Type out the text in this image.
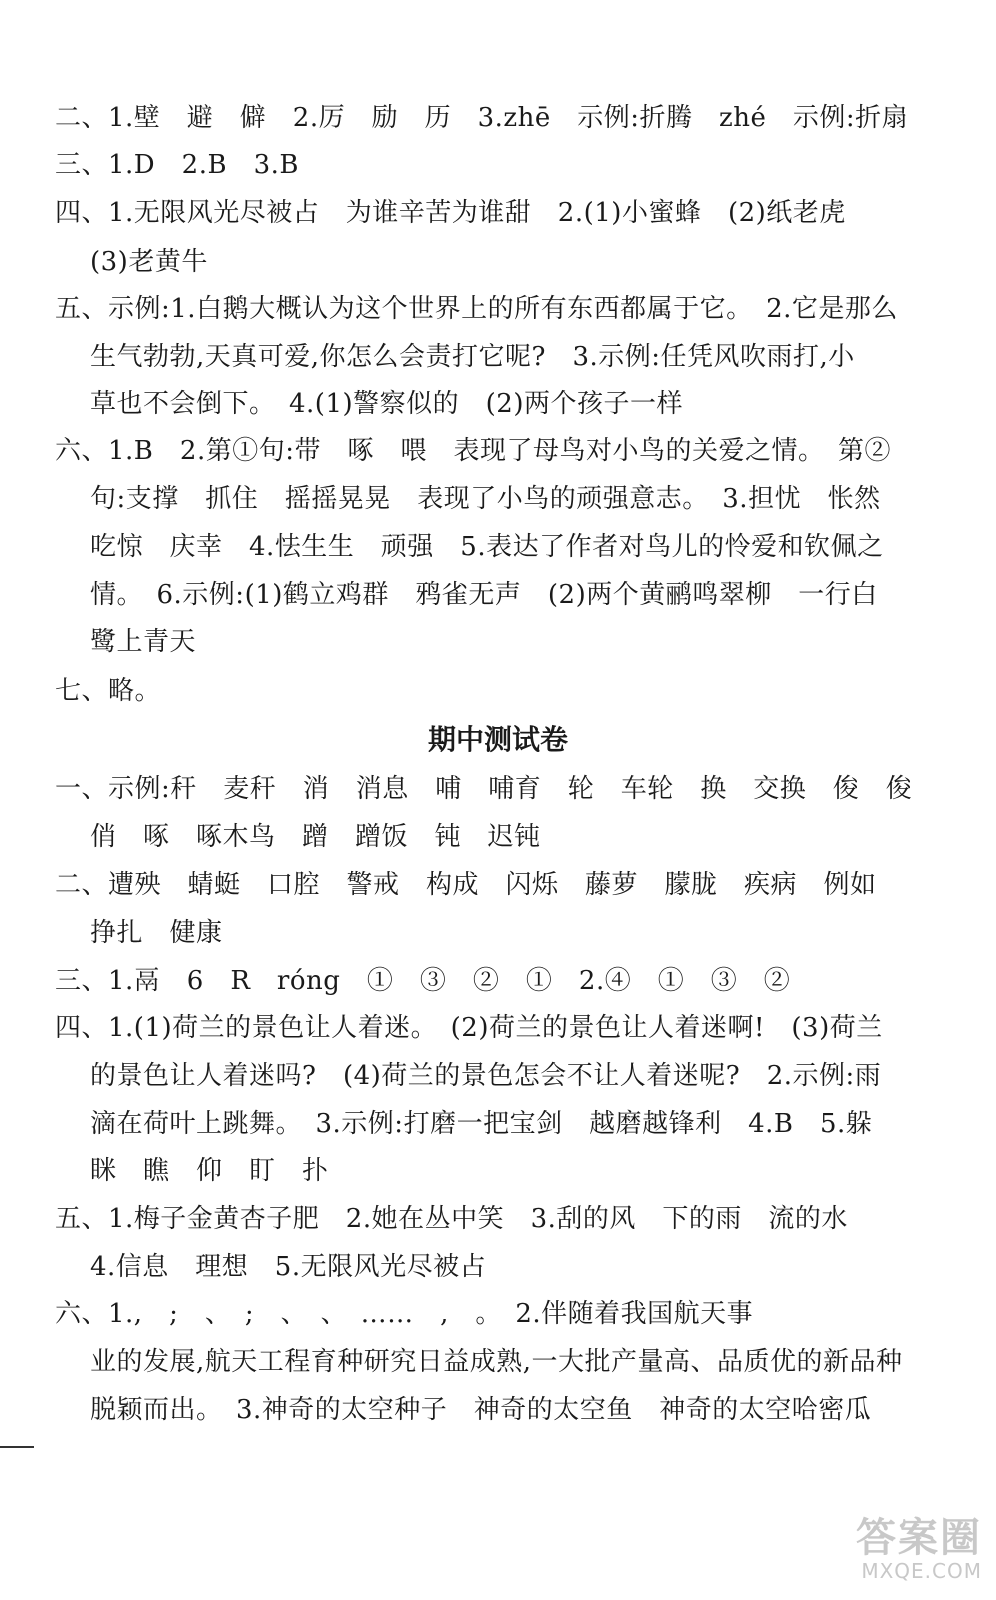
二、1.壁　避　僻　2.厉　励　历　3.zhē　示例:折腾　zhé　示例:折扇
三、1.D　2.B　3.B
四、1.无限风光尽被占　为谁辛苦为谁甜　2.(1)小蜜蜂　(2)纸老虎
(3)老黄牛
五、示例:1.白鹅大概认为这个世界上的所有东西都属于它。　2.它是那么
生气勃勃,天真可爱,你怎么会责打它呢?　3.示例:任凭风吹雨打,小
草也不会倒下。　4.(1)警察似的　(2)两个孩子一样
六、1.B　2.第①句:带　啄　喂　表现了母鸟对小鸟的关爱之情。　第②
句:支撑　抓住　摇摇晃晃　表现了小鸟的顽强意志。　3.担忧　怅然
吃惊　庆幸　4.怯生生　顽强　5.表达了作者对鸟儿的怜爱和钦佩之
情。　6.示例:(1)鹤立鸡群　鸦雀无声　(2)两个黄鹂鸣翠柳　一行白
鹭上青天
七、略。
期中测试卷
一、示例:秆　麦秆　消　消息　哺　哺育　轮　车轮　换　交换　俊　俊
俏　啄　啄木鸟　蹭　蹭饭　钝　迟钝
二、遭殃　蜻蜓　口腔　警戒　构成　闪烁　藤萝　朦胧　疾病　例如
挣扎　健康
三、1.鬲　6　R　róng　①　③　②　①　2.④　①　③　②
四、1.(1)荷兰的景色让人着迷。　(2)荷兰的景色让人着迷啊!　(3)荷兰
的景色让人着迷吗?　(4)荷兰的景色怎会不让人着迷呢?　2.示例:雨
滴在荷叶上跳舞。　3.示例:打磨一把宝剑　越磨越锋利　4.B　5.躲
眯　瞧　仰　盯　扑
五、1.梅子金黄杏子肥　2.她在丛中笑　3.刮的风　下的雨　流的水
4.信息　理想　5.无限风光尽被占
六、1.,　;　、　;　、　、　……　,　。　2.伴随着我国航天事
业的发展,航天工程育种研究日益成熟,一大批产量高、品质优的新品种
脱颖而出。　3.神奇的太空种子　神奇的太空鱼　神奇的太空哈密瓜
答案圈
MXQE.COM
